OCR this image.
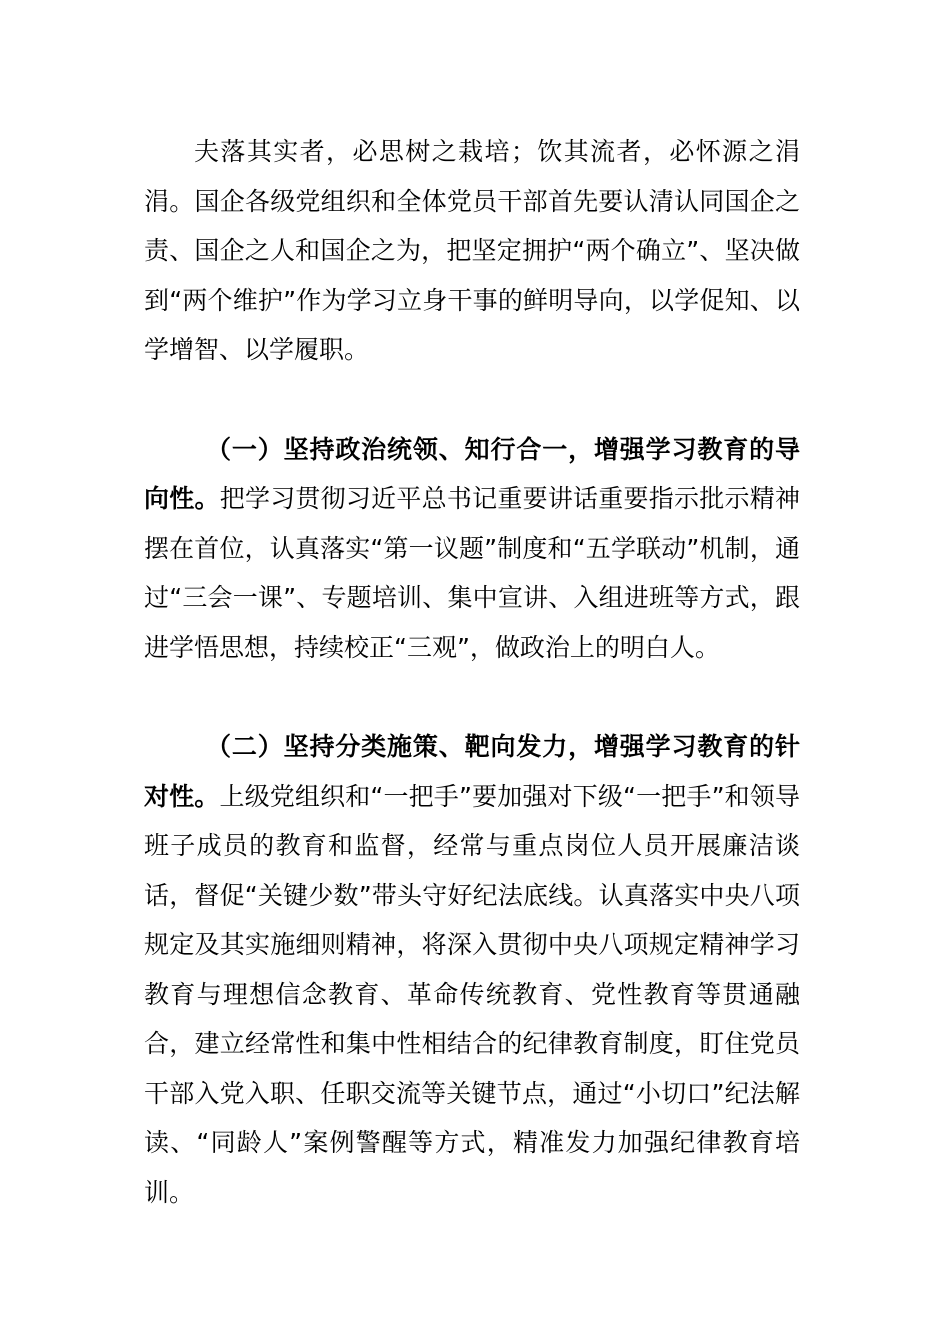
夫落其实者，必思树之栽培；饮其流者，必怀源之涓涓。国企各级党组织和全体党员干部首先要认清认同国企之责、国企之人和国企之为，把坚定拥护“两个确立”、坚决做到“两个维护”作为学习立身干事的鲜明导向，以学促知、以学增智、以学履职。

（一）坚持政治统领、知行合一，增强学习教育的导向性。把学习贯彻习近平总书记重要讲话重要指示批示精神摆在首位，认真落实“第一议题”制度和“五学联动”机制，通过“三会一课”、专题培训、集中宣讲、入组进班等方式，跟进学悟思想，持续校正“三观”，做政治上的明白人。

（二）坚持分类施策、靶向发力，增强学习教育的针对性。上级党组织和“一把手”要加强对下级“一把手”和领导班子成员的教育和监督，经常与重点岗位人员开展廉洁谈话，督促“关键少数”带头守好纪法底线。认真落实中央八项规定及其实施细则精神，将深入贯彻中央八项规定精神学习教育与理想信念教育、革命传统教育、党性教育等贯通融合，建立经常性和集中性相结合的纪律教育制度，盯住党员干部入党入职、任职交流等关键节点，通过“小切口”纪法解读、“同龄人”案例警醒等方式，精准发力加强纪律教育培训。
